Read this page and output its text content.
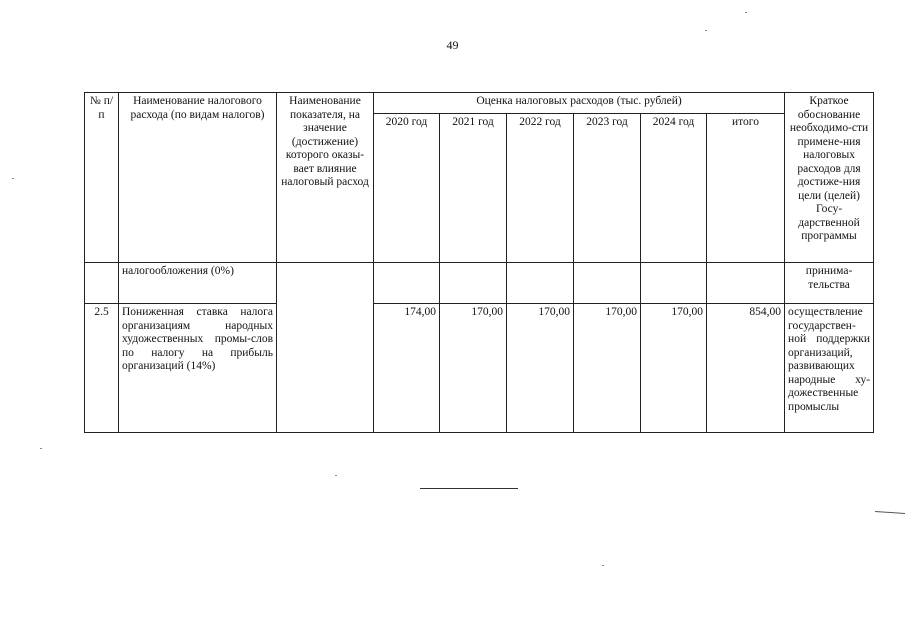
49
№ п/п	Наименование налогового расхода (по видам налогов)	Наименование показателя, на значение (достижение) которого оказы-вает влияние налоговый расход	Оценка налоговых расходов (тыс. рублей)						Краткое обоснование необходимо-сти примене-ния налоговых расходов для достиже-ния цели (целей) Госу-дарственной программы
			2020 год	2021 год	2022 год	2023 год	2024 год	итого	
	налогообложения (0%)								принима-тельства
2.5	Пониженная ставка налога организациям народных художественных промы-слов по налогу на прибыль организаций (14%)		174,00	170,00	170,00	170,00	170,00	854,00	осуществление государствен-ной поддержки организаций, развивающих народные ху-дожественные промыслы
